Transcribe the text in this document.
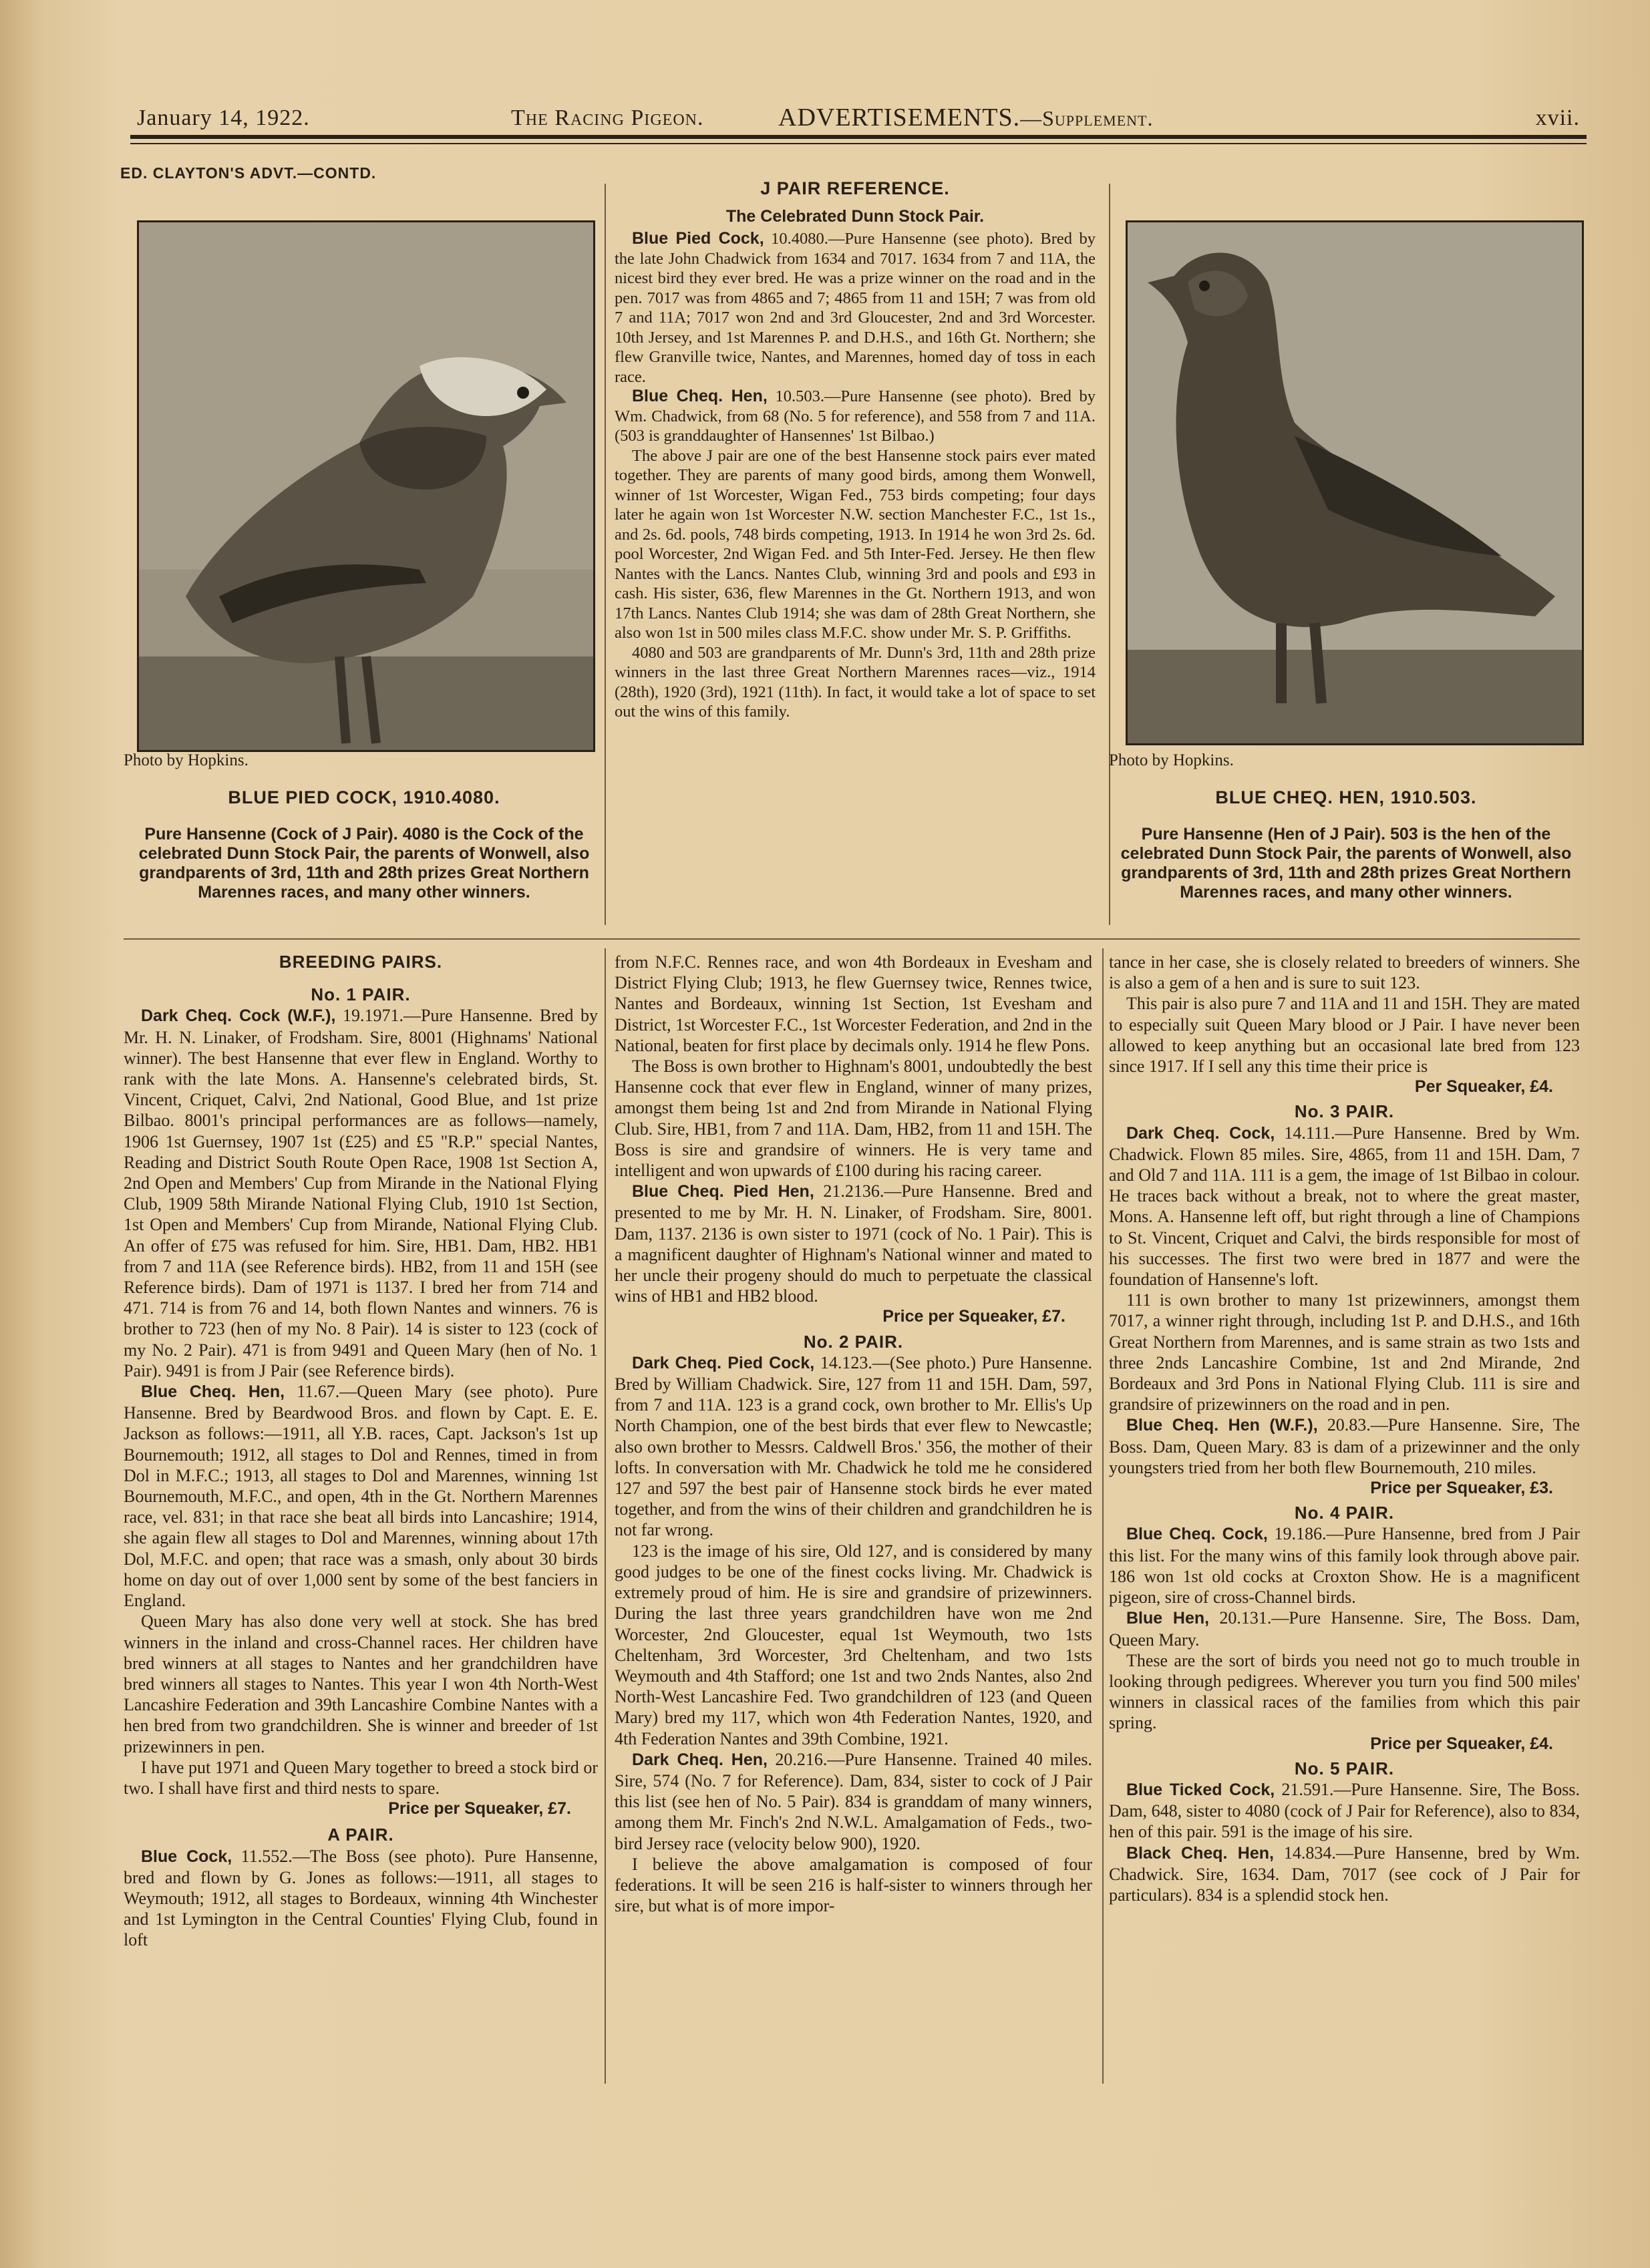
January 14, 1922.	The Racing Pigeon.	ADVERTISEMENTS.—Supplement.	xvii.
ED. CLAYTON'S ADVT.—CONTD.
Photo by Hopkins.
BLUE PIED COCK, 1910.4080.
Pure Hansenne (Cock of J Pair). 4080 is the Cock of the celebrated Dunn Stock Pair, the parents of Wonwell, also grandparents of 3rd, 11th and 28th prizes Great Northern Marennes races, and many other winners.
Photo by Hopkins.
BLUE CHEQ. HEN, 1910.503.
Pure Hansenne (Hen of J Pair). 503 is the hen of the celebrated Dunn Stock Pair, the parents of Wonwell, also grandparents of 3rd, 11th and 28th prizes Great Northern Marennes races, and many other winners.

J PAIR REFERENCE.

The Celebrated Dunn Stock Pair.

Blue Pied Cock, 10.4080.—Pure Hansenne (see photo). Bred by the late John Chadwick from 1634 and 7017. 1634 from 7 and 11A, the nicest bird they ever bred. He was a prize winner on the road and in the pen. 7017 was from 4865 and 7; 4865 from 11 and 15H; 7 was from old 7 and 11A; 7017 won 2nd and 3rd Gloucester, 2nd and 3rd Worcester. 10th Jersey, and 1st Marennes P. and D.H.S., and 16th Gt. Northern; she flew Granville twice, Nantes, and Marennes, homed day of toss in each race.

Blue Cheq. Hen, 10.503.—Pure Hansenne (see photo). Bred by Wm. Chadwick, from 68 (No. 5 for reference), and 558 from 7 and 11A. (503 is granddaughter of Hansennes' 1st Bilbao.)

The above J pair are one of the best Hansenne stock pairs ever mated together. They are parents of many good birds, among them Wonwell, winner of 1st Worcester, Wigan Fed., 753 birds competing; four days later he again won 1st Worcester N.W. section Manchester F.C., 1st 1s., and 2s. 6d. pools, 748 birds competing, 1913. In 1914 he won 3rd 2s. 6d. pool Worcester, 2nd Wigan Fed. and 5th Inter-Fed. Jersey. He then flew Nantes with the Lancs. Nantes Club, winning 3rd and pools and £93 in cash. His sister, 636, flew Marennes in the Gt. Northern 1913, and won 17th Lancs. Nantes Club 1914; she was dam of 28th Great Northern, she also won 1st in 500 miles class M.F.C. show under Mr. S. P. Griffiths.

4080 and 503 are grandparents of Mr. Dunn's 3rd, 11th and 28th prize winners in the last three Great Northern Marennes races—viz., 1914 (28th), 1920 (3rd), 1921 (11th). In fact, it would take a lot of space to set out the wins of this family.

BREEDING PAIRS.

No. 1 PAIR.

Dark Cheq. Cock (W.F.), 19.1971.—Pure Hansenne. Bred by Mr. H. N. Linaker, of Frodsham. Sire, 8001 (Highnams' National winner). The best Hansenne that ever flew in England. Worthy to rank with the late Mons. A. Hansenne's celebrated birds, St. Vincent, Criquet, Calvi, 2nd National, Good Blue, and 1st prize Bilbao. 8001's principal performances are as follows—namely, 1906 1st Guernsey, 1907 1st (£25) and £5 "R.P." special Nantes, Reading and District South Route Open Race, 1908 1st Section A, 2nd Open and Members' Cup from Mirande in the National Flying Club, 1909 58th Mirande National Flying Club, 1910 1st Section, 1st Open and Members' Cup from Mirande, National Flying Club. An offer of £75 was refused for him. Sire, HB1. Dam, HB2. HB1 from 7 and 11A (see Reference birds). HB2, from 11 and 15H (see Reference birds). Dam of 1971 is 1137. I bred her from 714 and 471. 714 is from 76 and 14, both flown Nantes and winners. 76 is brother to 723 (hen of my No. 8 Pair). 14 is sister to 123 (cock of my No. 2 Pair). 471 is from 9491 and Queen Mary (hen of No. 1 Pair). 9491 is from J Pair (see Reference birds).

Blue Cheq. Hen, 11.67.—Queen Mary (see photo). Pure Hansenne. Bred by Beardwood Bros. and flown by Capt. E. E. Jackson as follows:—1911, all Y.B. races, Capt. Jackson's 1st up Bournemouth; 1912, all stages to Dol and Rennes, timed in from Dol in M.F.C.; 1913, all stages to Dol and Marennes, winning 1st Bournemouth, M.F.C., and open, 4th in the Gt. Northern Marennes race, vel. 831; in that race she beat all birds into Lancashire; 1914, she again flew all stages to Dol and Marennes, winning about 17th Dol, M.F.C. and open; that race was a smash, only about 30 birds home on day out of over 1,000 sent by some of the best fanciers in England.

Queen Mary has also done very well at stock. She has bred winners in the inland and cross-Channel races. Her children have bred winners at all stages to Nantes and her grandchildren have bred winners all stages to Nantes. This year I won 4th North-West Lancashire Federation and 39th Lancashire Combine Nantes with a hen bred from two grandchildren. She is winner and breeder of 1st prizewinners in pen.

I have put 1971 and Queen Mary together to breed a stock bird or two. I shall have first and third nests to spare.

Price per Squeaker, £7.

A PAIR.

Blue Cock, 11.552.—The Boss (see photo). Pure Hansenne, bred and flown by G. Jones as follows:—1911, all stages to Weymouth; 1912, all stages to Bordeaux, winning 4th Winchester and 1st Lymington in the Central Counties' Flying Club, found in loft

from N.F.C. Rennes race, and won 4th Bordeaux in Evesham and District Flying Club; 1913, he flew Guernsey twice, Rennes twice, Nantes and Bordeaux, winning 1st Section, 1st Evesham and District, 1st Worcester F.C., 1st Worcester Federation, and 2nd in the National, beaten for first place by decimals only. 1914 he flew Pons.

The Boss is own brother to Highnam's 8001, undoubtedly the best Hansenne cock that ever flew in England, winner of many prizes, amongst them being 1st and 2nd from Mirande in National Flying Club. Sire, HB1, from 7 and 11A. Dam, HB2, from 11 and 15H. The Boss is sire and grandsire of winners. He is very tame and intelligent and won upwards of £100 during his racing career.

Blue Cheq. Pied Hen, 21.2136.—Pure Hansenne. Bred and presented to me by Mr. H. N. Linaker, of Frodsham. Sire, 8001. Dam, 1137. 2136 is own sister to 1971 (cock of No. 1 Pair). This is a magnificent daughter of Highnam's National winner and mated to her uncle their progeny should do much to perpetuate the classical wins of HB1 and HB2 blood.

Price per Squeaker, £7.

No. 2 PAIR.

Dark Cheq. Pied Cock, 14.123.—(See photo.) Pure Hansenne. Bred by William Chadwick. Sire, 127 from 11 and 15H. Dam, 597, from 7 and 11A. 123 is a grand cock, own brother to Mr. Ellis's Up North Champion, one of the best birds that ever flew to Newcastle; also own brother to Messrs. Caldwell Bros.' 356, the mother of their lofts. In conversation with Mr. Chadwick he told me he considered 127 and 597 the best pair of Hansenne stock birds he ever mated together, and from the wins of their children and grandchildren he is not far wrong.

123 is the image of his sire, Old 127, and is considered by many good judges to be one of the finest cocks living. Mr. Chadwick is extremely proud of him. He is sire and grandsire of prizewinners. During the last three years grandchildren have won me 2nd Worcester, 2nd Gloucester, equal 1st Weymouth, two 1sts Cheltenham, 3rd Worcester, 3rd Cheltenham, and two 1sts Weymouth and 4th Stafford; one 1st and two 2nds Nantes, also 2nd North-West Lancashire Fed. Two grandchildren of 123 (and Queen Mary) bred my 117, which won 4th Federation Nantes, 1920, and 4th Federation Nantes and 39th Combine, 1921.

Dark Cheq. Hen, 20.216.—Pure Hansenne. Trained 40 miles. Sire, 574 (No. 7 for Reference). Dam, 834, sister to cock of J Pair this list (see hen of No. 5 Pair). 834 is granddam of many winners, among them Mr. Finch's 2nd N.W.L. Amalgamation of Feds., two-bird Jersey race (velocity below 900), 1920.

I believe the above amalgamation is composed of four federations. It will be seen 216 is half-sister to winners through her sire, but what is of more impor-

tance in her case, she is closely related to breeders of winners. She is also a gem of a hen and is sure to suit 123.

This pair is also pure 7 and 11A and 11 and 15H. They are mated to especially suit Queen Mary blood or J Pair. I have never been allowed to keep anything but an occasional late bred from 123 since 1917. If I sell any this time their price is

Per Squeaker, £4.

No. 3 PAIR.

Dark Cheq. Cock, 14.111.—Pure Hansenne. Bred by Wm. Chadwick. Flown 85 miles. Sire, 4865, from 11 and 15H. Dam, 7 and Old 7 and 11A. 111 is a gem, the image of 1st Bilbao in colour. He traces back without a break, not to where the great master, Mons. A. Hansenne left off, but right through a line of Champions to St. Vincent, Criquet and Calvi, the birds responsible for most of his successes. The first two were bred in 1877 and were the foundation of Hansenne's loft.

111 is own brother to many 1st prizewinners, amongst them 7017, a winner right through, including 1st P. and D.H.S., and 16th Great Northern from Marennes, and is same strain as two 1sts and three 2nds Lancashire Combine, 1st and 2nd Mirande, 2nd Bordeaux and 3rd Pons in National Flying Club. 111 is sire and grandsire of prizewinners on the road and in pen.

Blue Cheq. Hen (W.F.), 20.83.—Pure Hansenne. Sire, The Boss. Dam, Queen Mary. 83 is dam of a prizewinner and the only youngsters tried from her both flew Bournemouth, 210 miles.

Price per Squeaker, £3.

No. 4 PAIR.

Blue Cheq. Cock, 19.186.—Pure Hansenne, bred from J Pair this list. For the many wins of this family look through above pair. 186 won 1st old cocks at Croxton Show. He is a magnificent pigeon, sire of cross-Channel birds.

Blue Hen, 20.131.—Pure Hansenne. Sire, The Boss. Dam, Queen Mary.

These are the sort of birds you need not go to much trouble in looking through pedigrees. Wherever you turn you find 500 miles' winners in classical races of the families from which this pair spring.

Price per Squeaker, £4.

No. 5 PAIR.

Blue Ticked Cock, 21.591.—Pure Hansenne. Sire, The Boss. Dam, 648, sister to 4080 (cock of J Pair for Reference), also to 834, hen of this pair. 591 is the image of his sire.

Black Cheq. Hen, 14.834.—Pure Hansenne, bred by Wm. Chadwick. Sire, 1634. Dam, 7017 (see cock of J Pair for particulars). 834 is a splendid stock hen.
